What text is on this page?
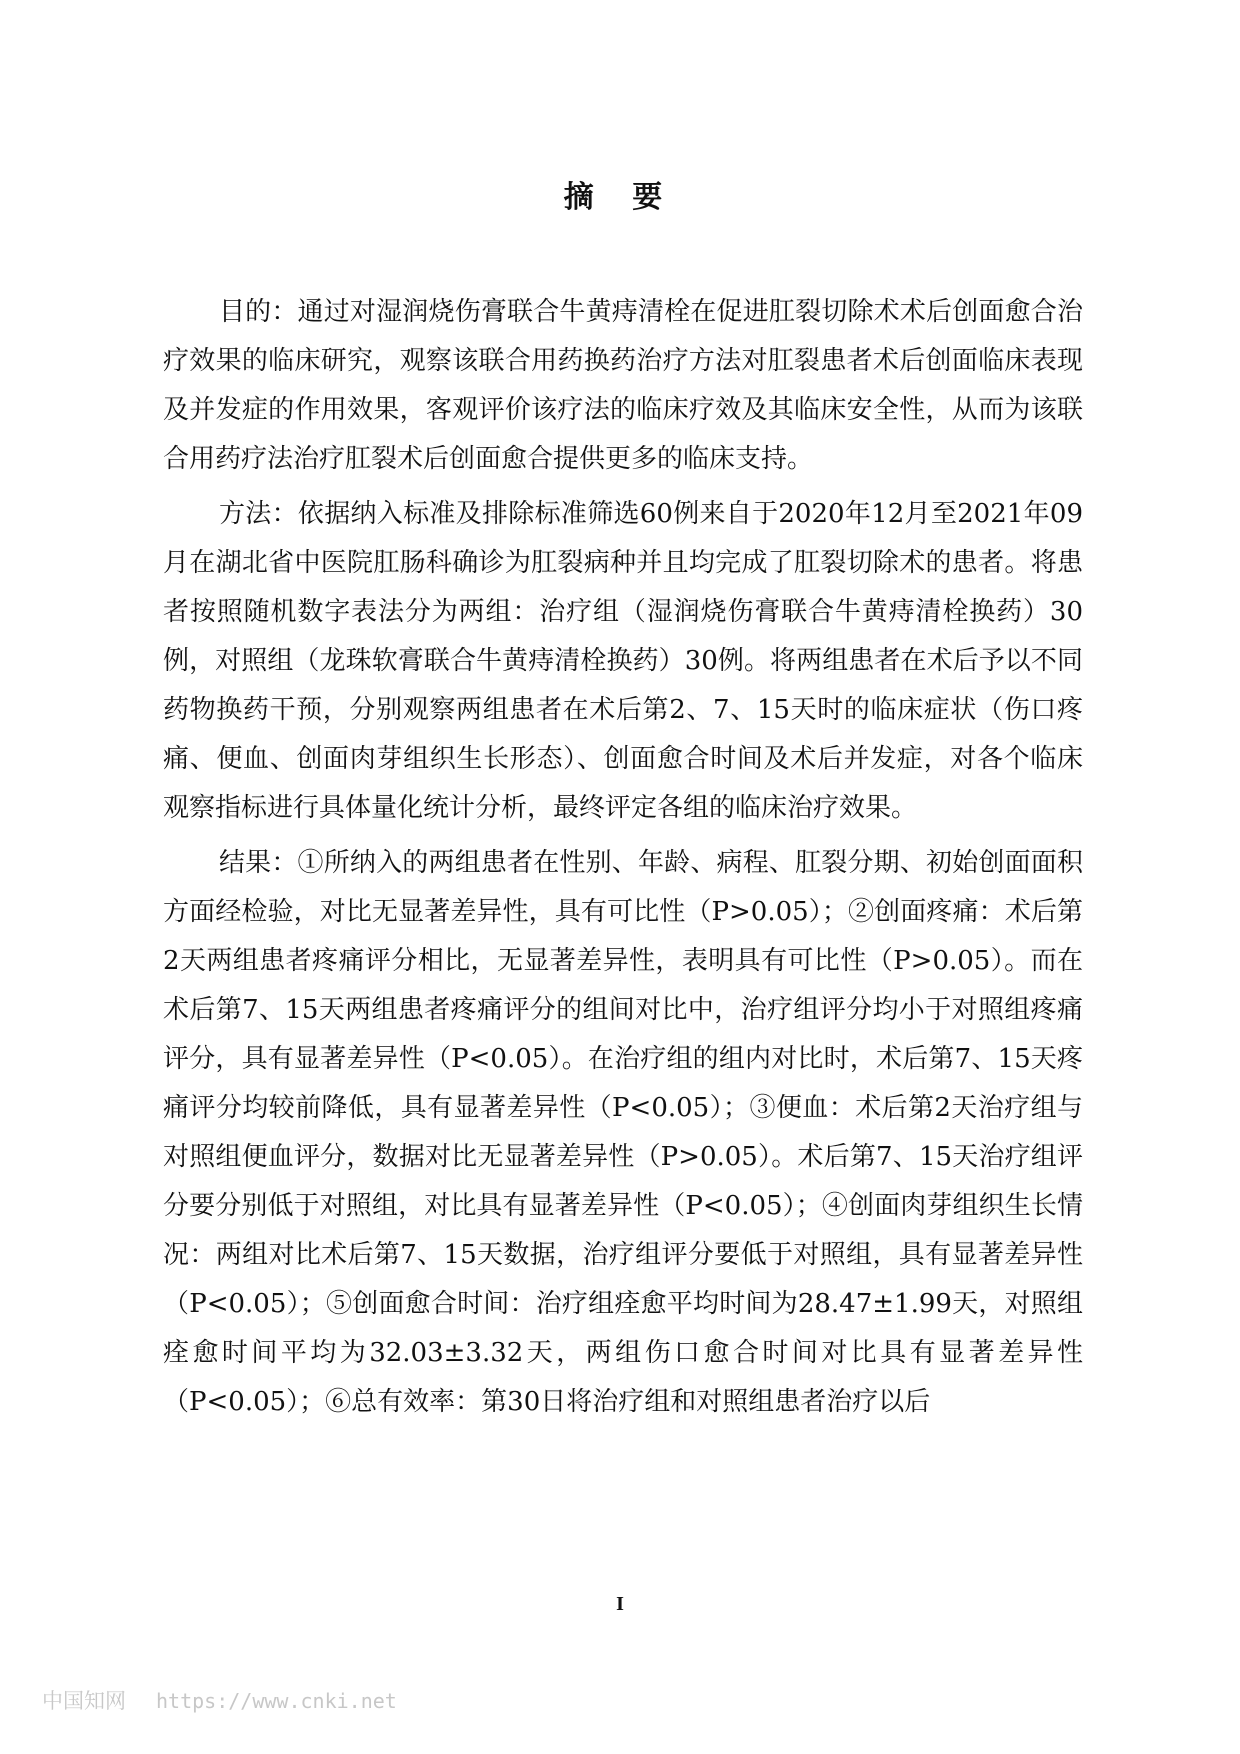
摘 要

目的：通过对湿润烧伤膏联合牛黄痔清栓在促进肛裂切除术术后创面愈合治疗效果的临床研究，观察该联合用药换药治疗方法对肛裂患者术后创面临床表现及并发症的作用效果，客观评价该疗法的临床疗效及其临床安全性，从而为该联合用药疗法治疗肛裂术后创面愈合提供更多的临床支持。

方法：依据纳入标准及排除标准筛选60例来自于2020年12月至2021年09月在湖北省中医院肛肠科确诊为肛裂病种并且均完成了肛裂切除术的患者。将患者按照随机数字表法分为两组：治疗组（湿润烧伤膏联合牛黄痔清栓换药）30例，对照组（龙珠软膏联合牛黄痔清栓换药）30例。将两组患者在术后予以不同药物换药干预，分别观察两组患者在术后第2、7、15天时的临床症状（伤口疼痛、便血、创面肉芽组织生长形态）、创面愈合时间及术后并发症，对各个临床观察指标进行具体量化统计分析，最终评定各组的临床治疗效果。

结果：①所纳入的两组患者在性别、年龄、病程、肛裂分期、初始创面面积方面经检验，对比无显著差异性，具有可比性（P>0.05）；②创面疼痛：术后第2天两组患者疼痛评分相比，无显著差异性，表明具有可比性（P>0.05）。而在术后第7、15天两组患者疼痛评分的组间对比中，治疗组评分均小于对照组疼痛评分，具有显著差异性（P<0.05）。在治疗组的组内对比时，术后第7、15天疼痛评分均较前降低，具有显著差异性（P<0.05）；③便血：术后第2天治疗组与对照组便血评分，数据对比无显著差异性（P>0.05）。术后第7、15天治疗组评分要分别低于对照组，对比具有显著差异性（P<0.05）；④创面肉芽组织生长情况：两组对比术后第7、15天数据，治疗组评分要低于对照组，具有显著差异性（P<0.05）；⑤创面愈合时间：治疗组痊愈平均时间为28.47±1.99天，对照组痊愈时间平均为32.03±3.32天，两组伤口愈合时间对比具有显著差异性（P<0.05）；⑥总有效率：第30日将治疗组和对照组患者治疗以后

I
中国知网 https://www.cnki.net
